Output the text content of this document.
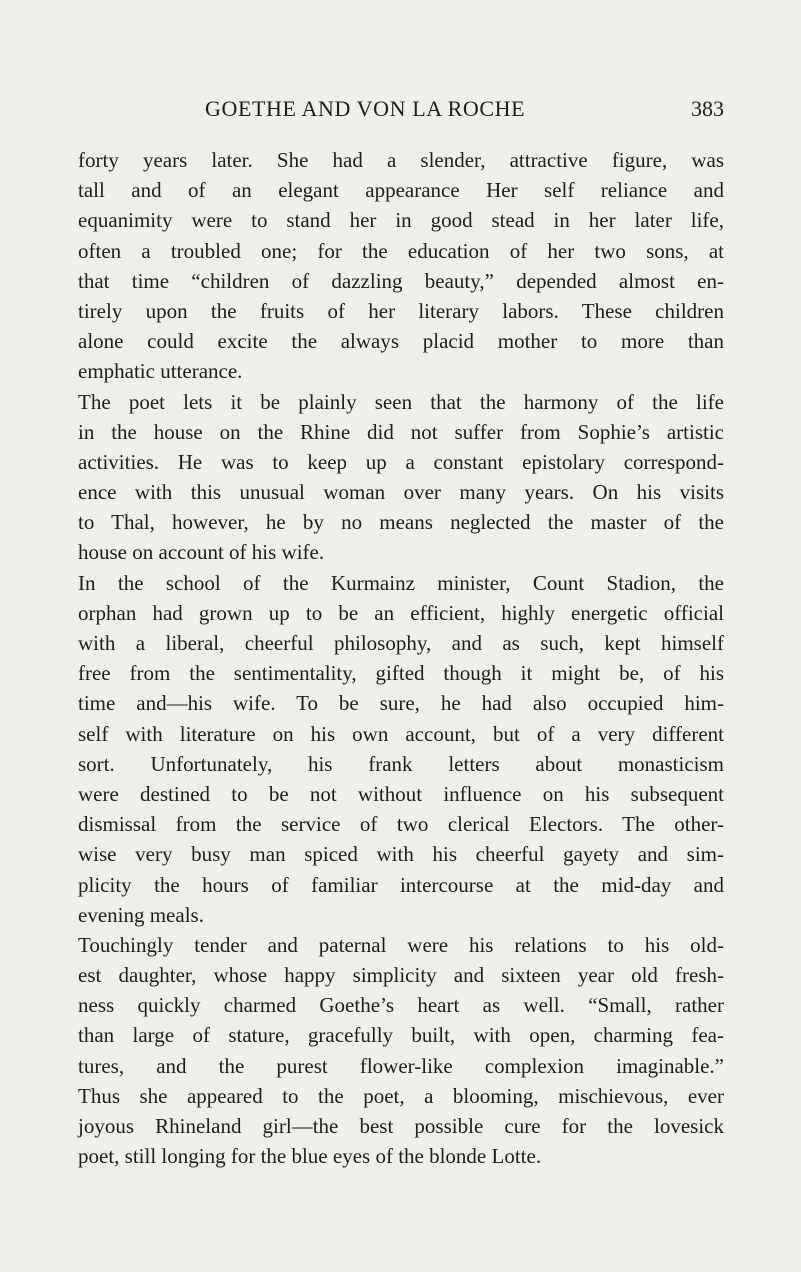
GOETHE AND VON LA ROCHE	383
forty years later. She had a slender, attractive figure, was
tall and of an elegant appearance Her self reliance and
equanimity were to stand her in good stead in her later life,
often a troubled one; for the education of her two sons, at
that time “children of dazzling beauty,” depended almost en-
tirely upon the fruits of her literary labors. These children
alone could excite the always placid mother to more than
emphatic utterance.
The poet lets it be plainly seen that the harmony of the life
in the house on the Rhine did not suffer from Sophie’s artistic
activities. He was to keep up a constant epistolary correspond-
ence with this unusual woman over many years. On his visits
to Thal, however, he by no means neglected the master of the
house on account of his wife.
In the school of the Kurmainz minister, Count Stadion, the
orphan had grown up to be an efficient, highly energetic official
with a liberal, cheerful philosophy, and as such, kept himself
free from the sentimentality, gifted though it might be, of his
time and—his wife. To be sure, he had also occupied him-
self with literature on his own account, but of a very different
sort. Unfortunately, his frank letters about monasticism
were destined to be not without influence on his subsequent
dismissal from the service of two clerical Electors. The other-
wise very busy man spiced with his cheerful gayety and sim-
plicity the hours of familiar intercourse at the mid-day and
evening meals.
Touchingly tender and paternal were his relations to his old-
est daughter, whose happy simplicity and sixteen year old fresh-
ness quickly charmed Goethe’s heart as well. “Small, rather
than large of stature, gracefully built, with open, charming fea-
tures, and the purest flower-like complexion imaginable.”
Thus she appeared to the poet, a blooming, mischievous, ever
joyous Rhineland girl—the best possible cure for the lovesick
poet, still longing for the blue eyes of the blonde Lotte.
